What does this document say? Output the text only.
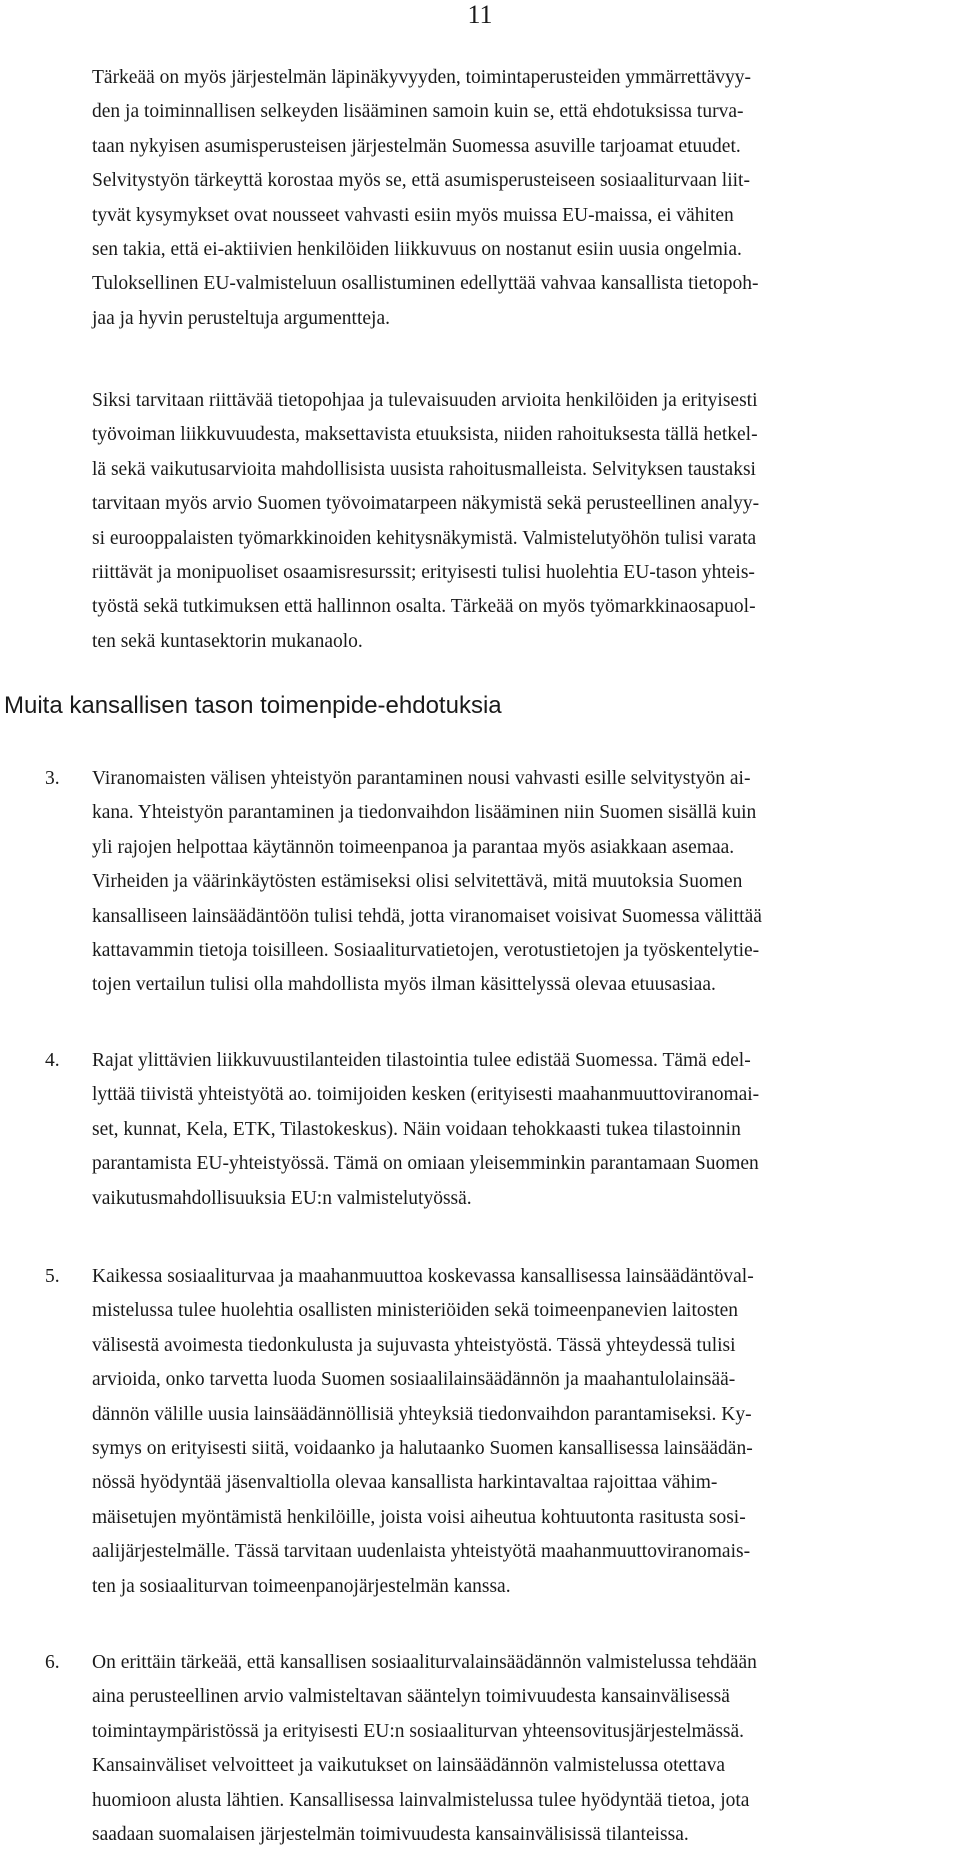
11
Tärkeää on myös järjestelmän läpinäkyvyyden, toimintaperusteiden ymmärrettävyy-
den ja toiminnallisen selkeyden lisääminen samoin kuin se, että ehdotuksissa turva-
taan nykyisen asumisperusteisen järjestelmän Suomessa asuville tarjoamat etuudet.
Selvitystyön tärkeyttä korostaa myös se, että asumisperusteiseen sosiaaliturvaan liit-
tyvät kysymykset ovat nousseet vahvasti esiin myös muissa EU-maissa, ei vähiten
sen takia, että ei-aktiivien henkilöiden liikkuvuus on nostanut esiin uusia ongelmia.
Tuloksellinen EU-valmisteluun osallistuminen edellyttää vahvaa kansallista tietopoh-
jaa ja hyvin perusteltuja argumentteja.
Siksi tarvitaan riittävää tietopohjaa ja tulevaisuuden arvioita henkilöiden ja erityisesti
työvoiman liikkuvuudesta, maksettavista etuuksista, niiden rahoituksesta tällä hetkel-
lä sekä vaikutusarvioita mahdollisista uusista rahoitusmalleista. Selvityksen taustaksi
tarvitaan myös arvio Suomen työvoimatarpeen näkymistä sekä perusteellinen analyy-
si eurooppalaisten työmarkkinoiden kehitysnäkymistä. Valmistelutyöhön tulisi varata
riittävät ja monipuoliset osaamisresurssit; erityisesti tulisi huolehtia EU-tason yhteis-
työstä sekä tutkimuksen että hallinnon osalta. Tärkeää on myös työmarkkinaosapuol-
ten sekä kuntasektorin mukanaolo.
Muita kansallisen tason toimenpide-ehdotuksia
3. Viranomaisten välisen yhteistyön parantaminen nousi vahvasti esille selvitystyön ai-
kana. Yhteistyön parantaminen ja tiedonvaihdon lisääminen niin Suomen sisällä kuin
yli rajojen helpottaa käytännön toimeenpanoa ja parantaa myös asiakkaan asemaa.
Virheiden ja väärinkäytösten estämiseksi olisi selvitettävä, mitä muutoksia Suomen
kansalliseen lainsäädäntöön tulisi tehdä, jotta viranomaiset voisivat Suomessa välittää
kattavammin tietoja toisilleen. Sosiaaliturvatietojen, verotustietojen ja työskentelytie-
tojen vertailun tulisi olla mahdollista myös ilman käsittelyssä olevaa etuusasiaa.
4. Rajat ylittävien liikkuvuustilanteiden tilastointia tulee edistää Suomessa. Tämä edel-
lyttää tiivistä yhteistyötä ao. toimijoiden kesken (erityisesti maahanmuuttoviranomai-
set, kunnat, Kela, ETK, Tilastokeskus). Näin voidaan tehokkaasti tukea tilastoinnin
parantamista EU-yhteistyössä. Tämä on omiaan yleisemminkin parantamaan Suomen
vaikutusmahdollisuuksia EU:n valmistelutyössä.
5. Kaikessa sosiaaliturvaa ja maahanmuuttoa koskevassa kansallisessa lainsäädäntöval-
mistelussa tulee huolehtia osallisten ministeriöiden sekä toimeenpanevien laitosten
välisestä avoimesta tiedonkulusta ja sujuvasta yhteistyöstä. Tässä yhteydessä tulisi
arvioida, onko tarvetta luoda Suomen sosiaalilainsäädännön ja maahantulolainsää-
dännön välille uusia lainsäädännöllisiä yhteyksiä tiedonvaihdon parantamiseksi. Ky-
symys on erityisesti siitä, voidaanko ja halutaanko Suomen kansallisessa lainsäädän-
nössä hyödyntää jäsenvaltiolla olevaa kansallista harkintavaltaa rajoittaa vähim-
mäisetujen myöntämistä henkilöille, joista voisi aiheutua kohtuutonta rasitusta sosi-
aalijärjestelmälle. Tässä tarvitaan uudenlaista yhteistyötä maahanmuuttoviranomais-
ten ja sosiaaliturvan toimeenpanojärjestelmän kanssa.
6. On erittäin tärkeää, että kansallisen sosiaaliturvalainsäädännön valmistelussa tehdään
aina perusteellinen arvio valmisteltavan sääntelyn toimivuudesta kansainvälisessä
toimintaympäristössä ja erityisesti EU:n sosiaaliturvan yhteensovitusjärjestelmässä.
Kansainväliset velvoitteet ja vaikutukset on lainsäädännön valmistelussa otettava
huomioon alusta lähtien. Kansallisessa lainvalmistelussa tulee hyödyntää tietoa, jota
saadaan suomalaisen järjestelmän toimivuudesta kansainvälisissä tilanteissa.
